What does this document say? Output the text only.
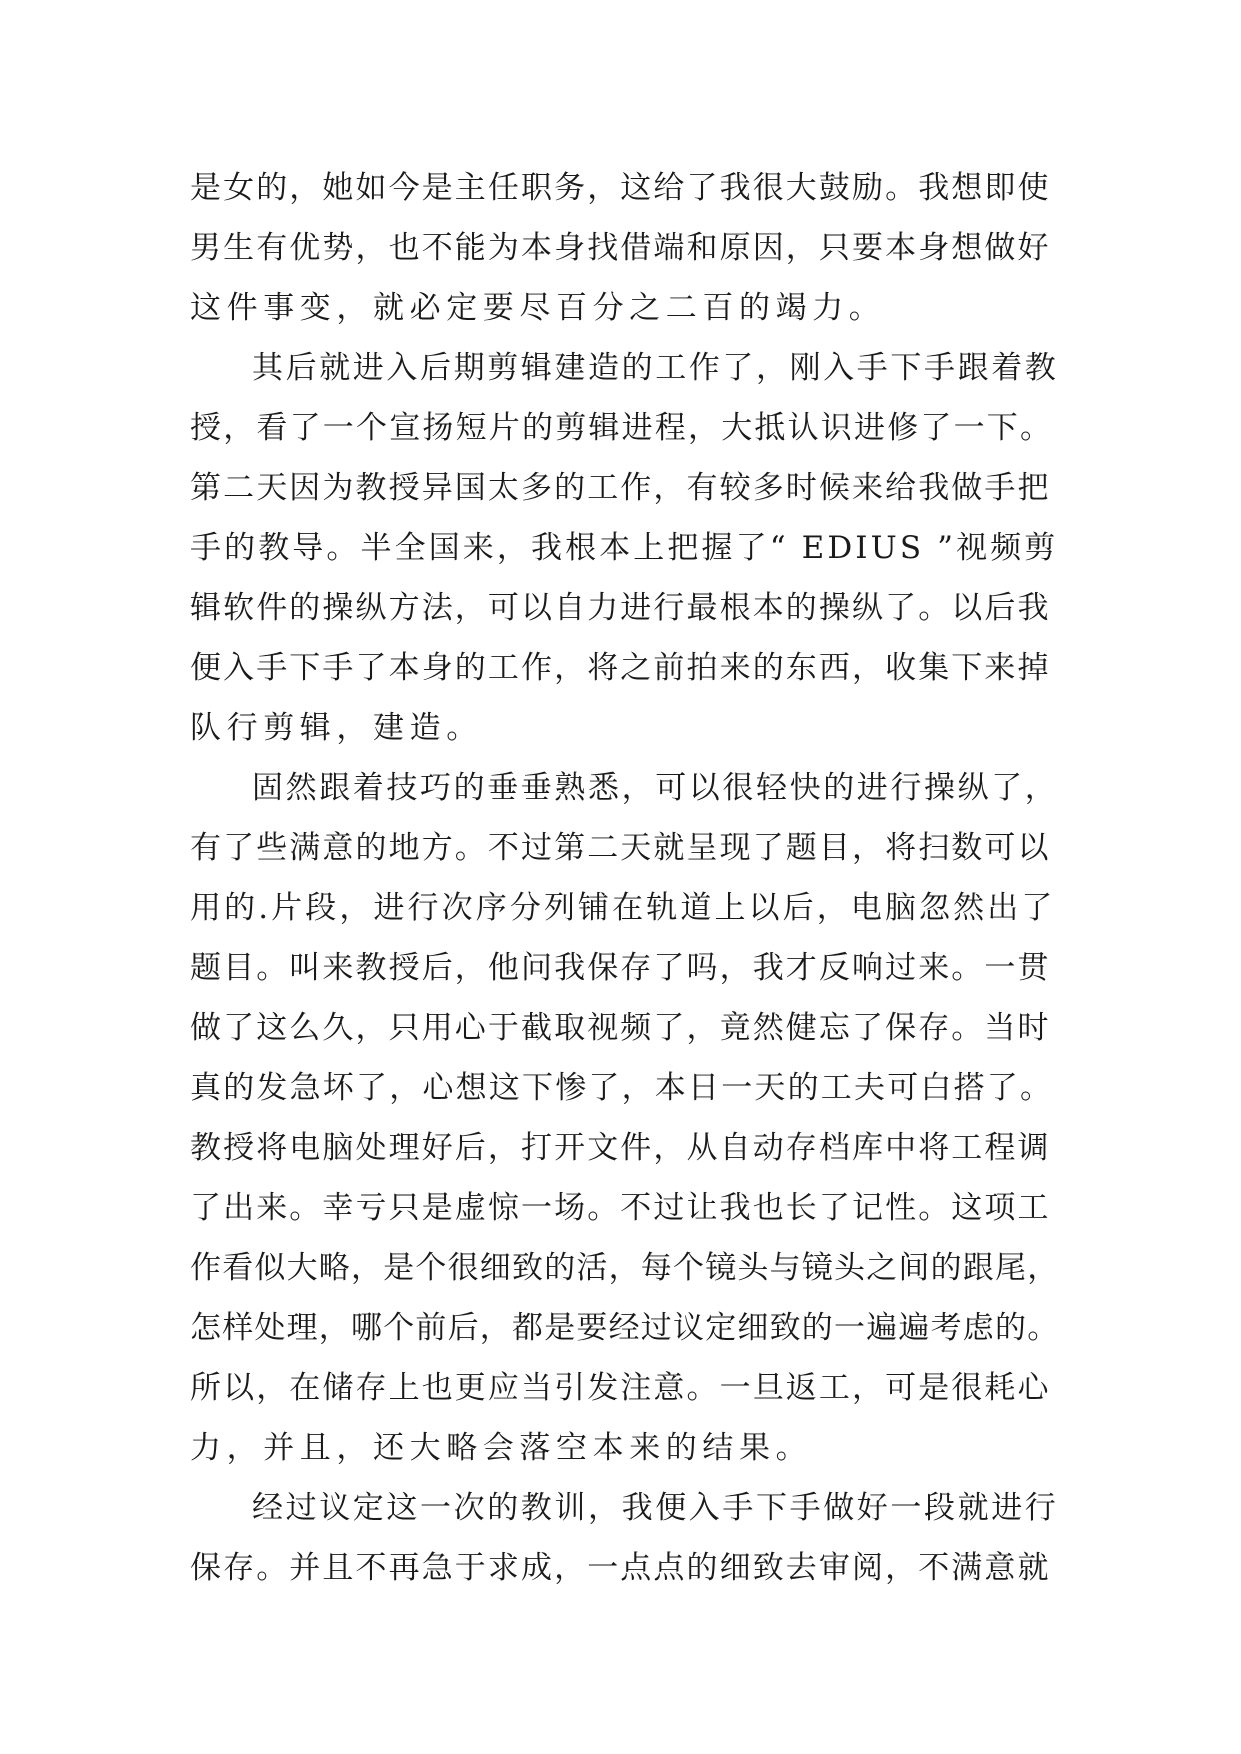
是女的，她如今是主任职务，这给了我很大鼓励。我想即使
男生有优势，也不能为本身找借端和原因，只要本身想做好
这件事变，就必定要尽百分之二百的竭力。
其后就进入后期剪辑建造的工作了，刚入手下手跟着教
授，看了一个宣扬短片的剪辑进程，大抵认识进修了一下。
第二天因为教授异国太多的工作，有较多时候来给我做手把
手的教导。半全国来，我根本上把握了“ EDIUS ”视频剪
辑软件的操纵方法，可以自力进行最根本的操纵了。以后我
便入手下手了本身的工作，将之前拍来的东西，收集下来掉
队行剪辑，建造。
固然跟着技巧的垂垂熟悉，可以很轻快的进行操纵了，
有了些满意的地方。不过第二天就呈现了题目，将扫数可以
用的.片段，进行次序分列铺在轨道上以后，电脑忽然出了
题目。叫来教授后，他问我保存了吗，我才反响过来。一贯
做了这么久，只用心于截取视频了，竟然健忘了保存。当时
真的发急坏了，心想这下惨了，本日一天的工夫可白搭了。
教授将电脑处理好后，打开文件，从自动存档库中将工程调
了出来。幸亏只是虚惊一场。不过让我也长了记性。这项工
作看似大略，是个很细致的活，每个镜头与镜头之间的跟尾，
怎样处理，哪个前后，都是要经过议定细致的一遍遍考虑的。
所以，在储存上也更应当引发注意。一旦返工，可是很耗心
力，并且，还大略会落空本来的结果。
经过议定这一次的教训，我便入手下手做好一段就进行
保存。并且不再急于求成，一点点的细致去审阅，不满意就
